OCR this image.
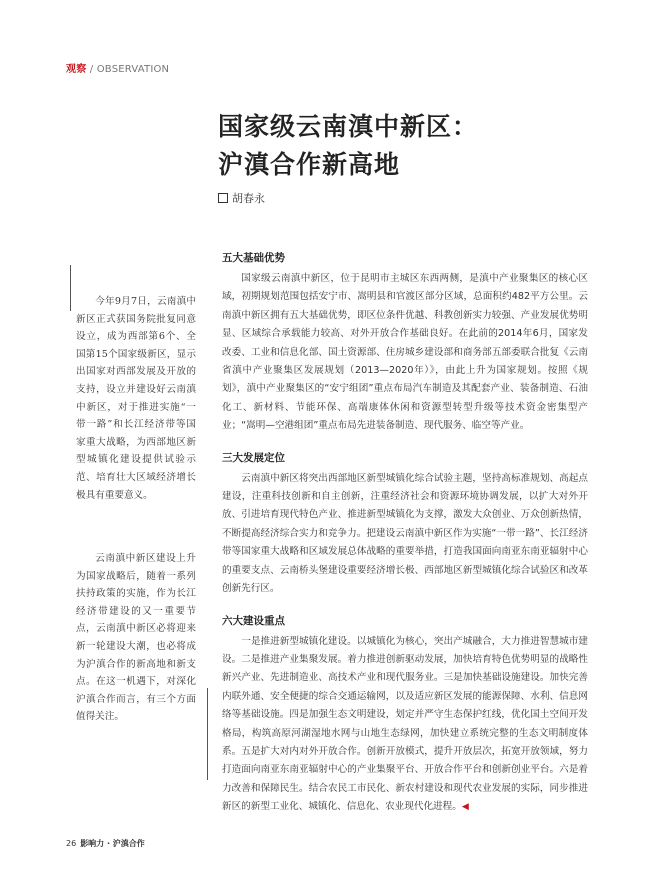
观察 / OBSERVATION
国家级云南滇中新区：
沪滇合作新高地
胡春永

今年9月7日，云南滇中新区正式获国务院批复同意设立，成为西部第6个、全国第15个国家级新区，显示出国家对西部发展及开放的支持，设立并建设好云南滇中新区，对于推进实施“一带一路”和长江经济带等国家重大战略，为西部地区新型城镇化建设提供试验示范、培育壮大区域经济增长极具有重要意义。

云南滇中新区建设上升为国家战略后，随着一系列扶持政策的实施，作为长江经济带建设的又一重要节点，云南滇中新区必将迎来新一轮建设大潮，也必将成为沪滇合作的新高地和新支点。在这一机遇下，对深化沪滇合作而言，有三个方面值得关注。

五大基础优势

国家级云南滇中新区，位于昆明市主城区东西两侧，是滇中产业聚集区的核心区域，初期规划范围包括安宁市、嵩明县和官渡区部分区域，总面积约482平方公里。云南滇中新区拥有五大基础优势，即区位条件优越、科教创新实力较强、产业发展优势明显、区域综合承载能力较高、对外开放合作基础良好。在此前的2014年6月，国家发改委、工业和信息化部、国土资源部、住房城乡建设部和商务部五部委联合批复《云南省滇中产业聚集区发展规划（2013—2020年）》，由此上升为国家规划。按照《规划》，滇中产业聚集区的“安宁组团”重点布局汽车制造及其配套产业、装备制造、石油化工、新材料、节能环保、高端康体休闲和资源型转型升级等技术资金密集型产业；“嵩明—空港组团”重点布局先进装备制造、现代服务、临空等产业。

三大发展定位

云南滇中新区将突出西部地区新型城镇化综合试验主题，坚持高标准规划、高起点建设，注重科技创新和自主创新，注重经济社会和资源环境协调发展，以扩大对外开放、引进培育现代特色产业、推进新型城镇化为支撑，激发大众创业、万众创新热情，不断提高经济综合实力和竞争力。把建设云南滇中新区作为实施“一带一路”、长江经济带等国家重大战略和区域发展总体战略的重要举措，打造我国面向南亚东南亚辐射中心的重要支点、云南桥头堡建设重要经济增长极、西部地区新型城镇化综合试验区和改革创新先行区。

六大建设重点

一是推进新型城镇化建设。以城镇化为核心，突出产城融合，大力推进智慧城市建设。二是推进产业集聚发展。着力推进创新驱动发展，加快培育特色优势明显的战略性新兴产业、先进制造业、高技术产业和现代服务业。三是加快基础设施建设。加快完善内联外通、安全便捷的综合交通运输网，以及适应新区发展的能源保障、水利、信息网络等基础设施。四是加强生态文明建设，划定并严守生态保护红线，优化国土空间开发格局，构筑高原河湖湿地水网与山地生态绿网，加快建立系统完整的生态文明制度体系。五是扩大对内对外开放合作。创新开放模式，提升开放层次，拓宽开放领域，努力打造面向南亚东南亚辐射中心的产业集聚平台、开放合作平台和创新创业平台。六是着力改善和保障民生。结合农民工市民化、新农村建设和现代农业发展的实际，同步推进新区的新型工业化、城镇化、信息化、农业现代化进程。◀

26 影响力 · 沪滇合作
